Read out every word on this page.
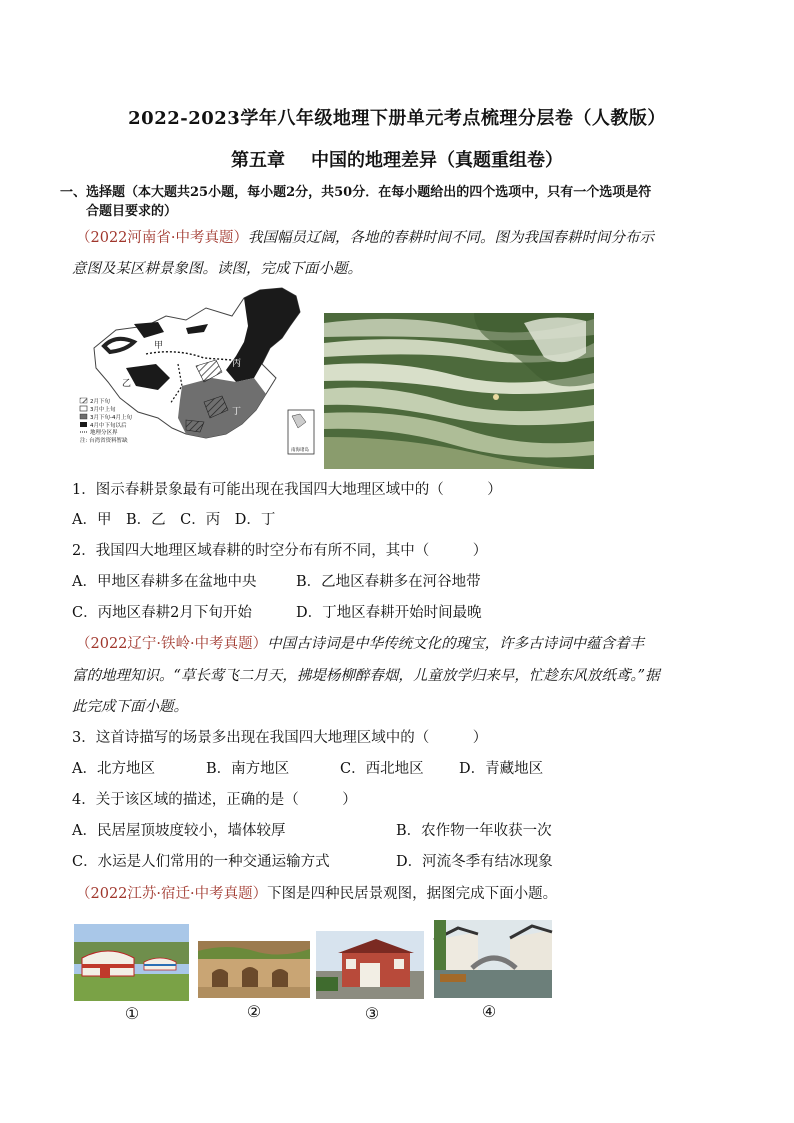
2022-2023学年八年级地理下册单元考点梳理分层卷（人教版）
第五章 中国的地理差异（真题重组卷）
一、选择题（本大题共25小题，每小题2分，共50分．在每小题给出的四个选项中，只有一个选项是符
合题目要求的）
（2022河南省·中考真题）我国幅员辽阔，各地的春耕时间不同。图为我国春耕时间分布示
意图及某区耕景象图。读图，完成下面小题。
甲
乙
丙
丁
2月下旬
3月中上旬
3月下旬-4月上旬
4月中下旬以后
地理分区界
注: 台湾省资料暂缺
南海诸岛
1．图示春耕景象最有可能出现在我国四大地理区域中的（　　　）
A．甲　B．乙　C．丙　D．丁
2．我国四大地理区域春耕的时空分布有所不同，其中（　　　）
A．甲地区春耕多在盆地中央	B．乙地区春耕多在河谷地带
C．丙地区春耕2月下旬开始	D．丁地区春耕开始时间最晚
（2022辽宁·铁岭·中考真题）中国古诗词是中华传统文化的瑰宝，许多古诗词中蕴含着丰
富的地理知识。“草长莺飞二月天，拂堤杨柳醉春烟，儿童放学归来早，忙趁东风放纸鸢。”据
此完成下面小题。
3．这首诗描写的场景多出现在我国四大地理区域中的（　　　）
A．北方地区	B．南方地区	C．西北地区 D．青藏地区
4．关于该区域的描述，正确的是（　　　）
A．民居屋顶坡度较小，墙体较厚	B．农作物一年收获一次
C．水运是人们常用的一种交通运输方式	D．河流冬季有结冰现象
（2022江苏·宿迁·中考真题）下图是四种民居景观图，据图完成下面小题。
①	②	③	④
